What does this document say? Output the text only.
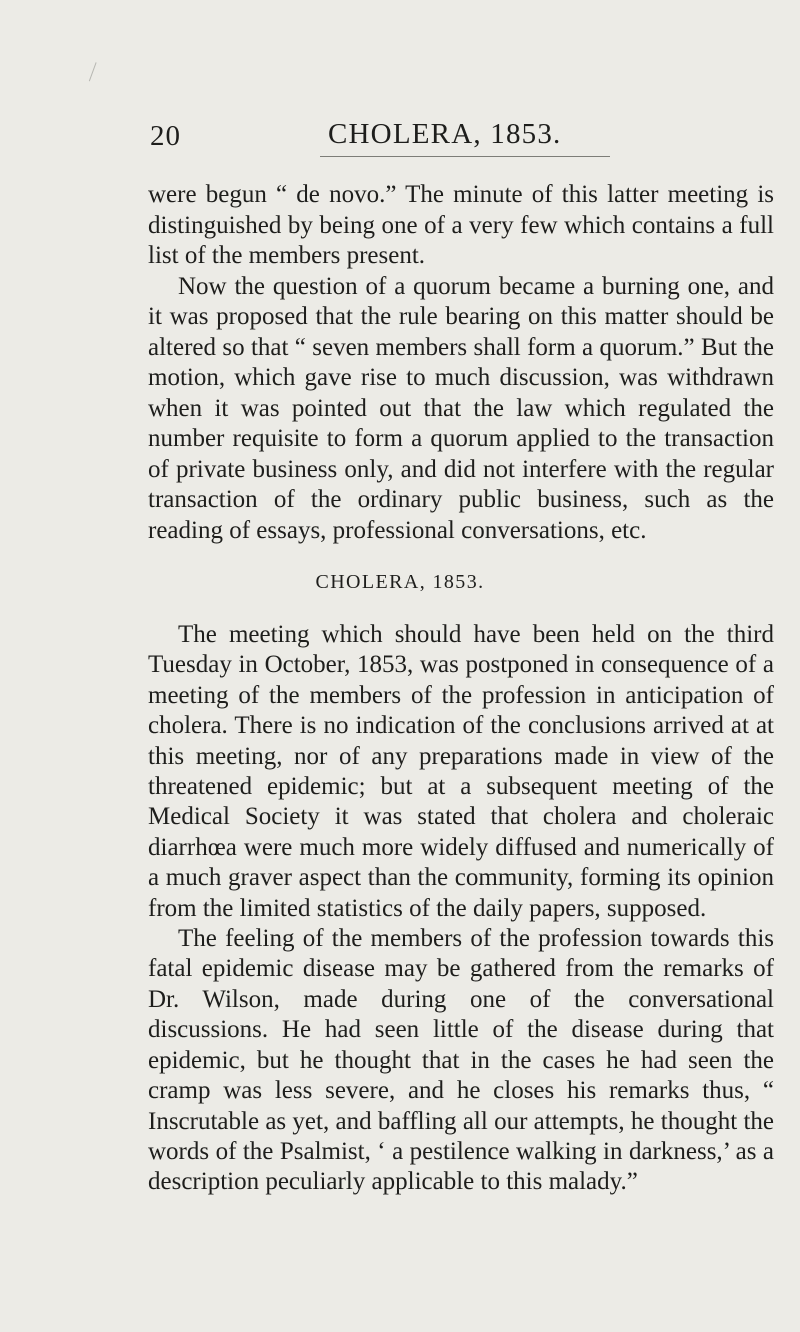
20	CHOLERA, 1853.

were begun “ de novo.” The minute of this latter meeting is distinguished by being one of a very few which contains a full list of the members present.

Now the question of a quorum became a burning one, and it was proposed that the rule bearing on this matter should be altered so that “ seven members shall form a quorum.” But the motion, which gave rise to much discussion, was withdrawn when it was pointed out that the law which regulated the number requisite to form a quorum applied to the transaction of private business only, and did not interfere with the regular transaction of the ordinary public business, such as the reading of essays, professional conversations, etc.

CHOLERA, 1853.

The meeting which should have been held on the third Tuesday in October, 1853, was postponed in consequence of a meeting of the members of the profession in anticipation of cholera. There is no indication of the conclusions arrived at at this meeting, nor of any preparations made in view of the threatened epidemic; but at a subsequent meeting of the Medical Society it was stated that cholera and choleraic diarrhœa were much more widely diffused and numerically of a much graver aspect than the community, forming its opinion from the limited statistics of the daily papers, supposed.

The feeling of the members of the profession towards this fatal epidemic disease may be gathered from the remarks of Dr. Wilson, made during one of the conversational discussions. He had seen little of the disease during that epidemic, but he thought that in the cases he had seen the cramp was less severe, and he closes his remarks thus, “ Inscrutable as yet, and baffling all our attempts, he thought the words of the Psalmist, ‘ a pestilence walking in darkness,’ as a description peculiarly applicable to this malady.”
